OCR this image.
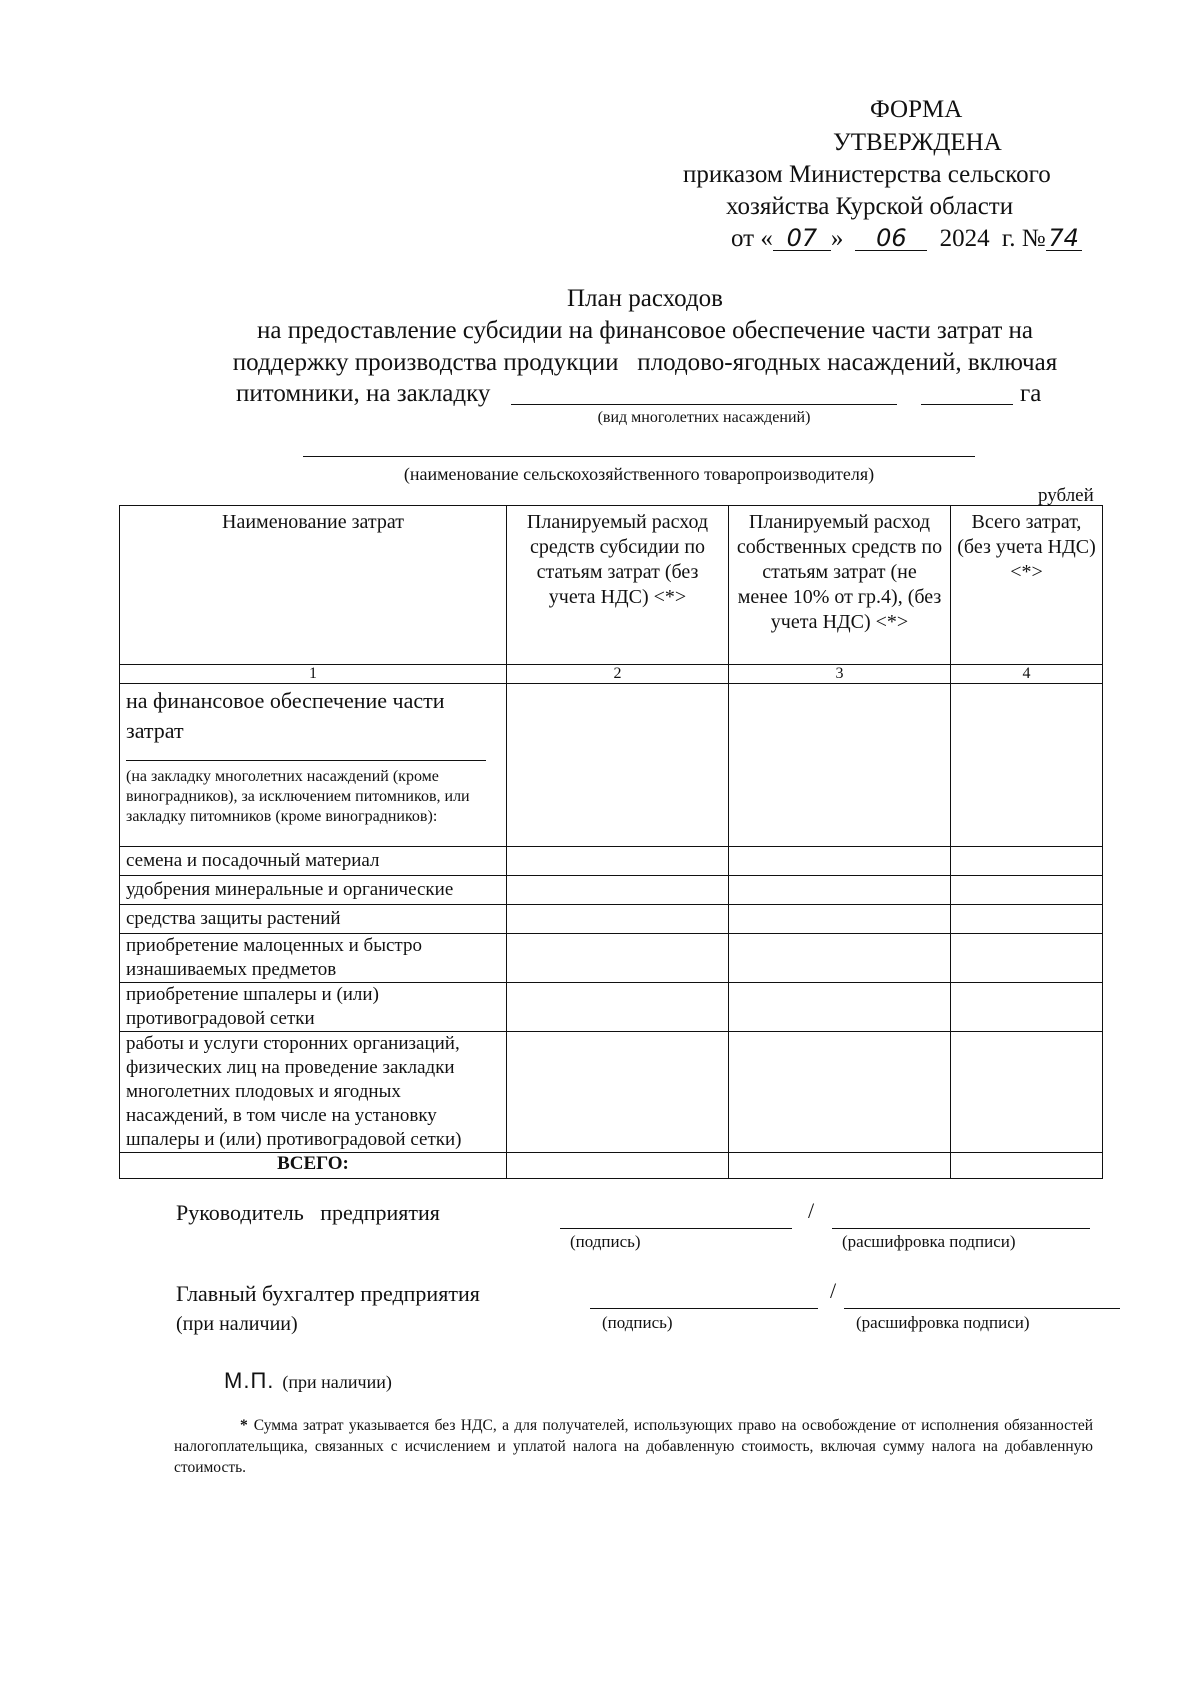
ФОРМА
УТВЕРЖДЕНА
приказом Министерства сельского
хозяйства Курской области
от « 07 » 06 2024 г. № 74
План расходов
на предоставление субсидии на финансовое обеспечение части затрат на
поддержку производства продукции   плодово-ягодных насаждений, включая
питомники, на закладку	га
(вид многолетних насаждений)
(наименование сельскохозяйственного товаропроизводителя)
рублей
Наименование затрат	Планируемый расход средств субсидии по статьям затрат (без учета НДС) <*>	Планируемый расход собственных средств по статьям затрат (не менее 10% от гр.4), (без учета НДС) <*>	Всего затрат, (без учета НДС) <*>
1	2	3	4

на финансовое обеспечение части затрат
(на закладку многолетних насаждений (кроме виноградников), за исключением питомников, или закладку питомников (кроме виноградников):			

семена и посадочный материал			
удобрения минеральные и органические			
средства защиты растений			
приобретение малоценных и быстро изнашиваемых предметов			
приобретение шпалеры и (или) противоградовой сетки			
работы и услуги сторонних организаций, физических лиц на проведение закладки многолетних плодовых и ягодных насаждений, в том числе на установку шпалеры и (или) противоградовой сетки)			
ВСЕГО:			
Руководитель   предприятия	/
(подпись)	(расшифровка подписи)
Главный бухгалтер предприятия
(при наличии)
/
(подпись)	(расшифровка подписи)
М.П. (при наличии)
* Сумма затрат указывается без НДС, а для получателей, использующих право на освобождение от исполнения обязанностей налогоплательщика, связанных с исчислением и уплатой налога на добавленную стоимость, включая сумму налога на добавленную стоимость.
